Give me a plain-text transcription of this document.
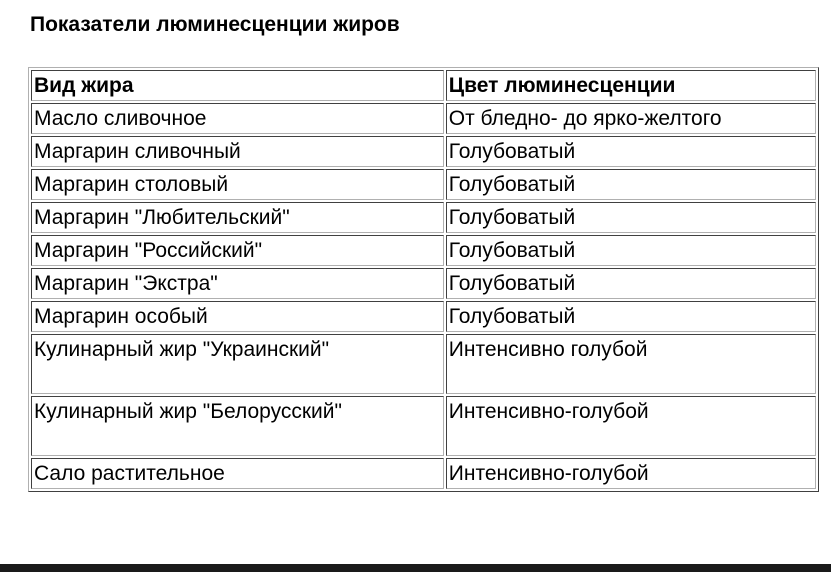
Показатели люминесценции жиров
Вид жира	Цвет люминесценции
Масло сливочное	От бледно- до ярко-желтого
Маргарин сливочный	Голубоватый
Маргарин столовый	Голубоватый
Маргарин "Любительский"	Голубоватый
Маргарин "Российский"	Голубоватый
Маргарин "Экстра"	Голубоватый
Маргарин особый	Голубоватый
Кулинарный жир "Украинский"	Интенсивно голубой
Кулинарный жир "Белорусский"	Интенсивно-голубой
Сало растительное	Интенсивно-голубой
